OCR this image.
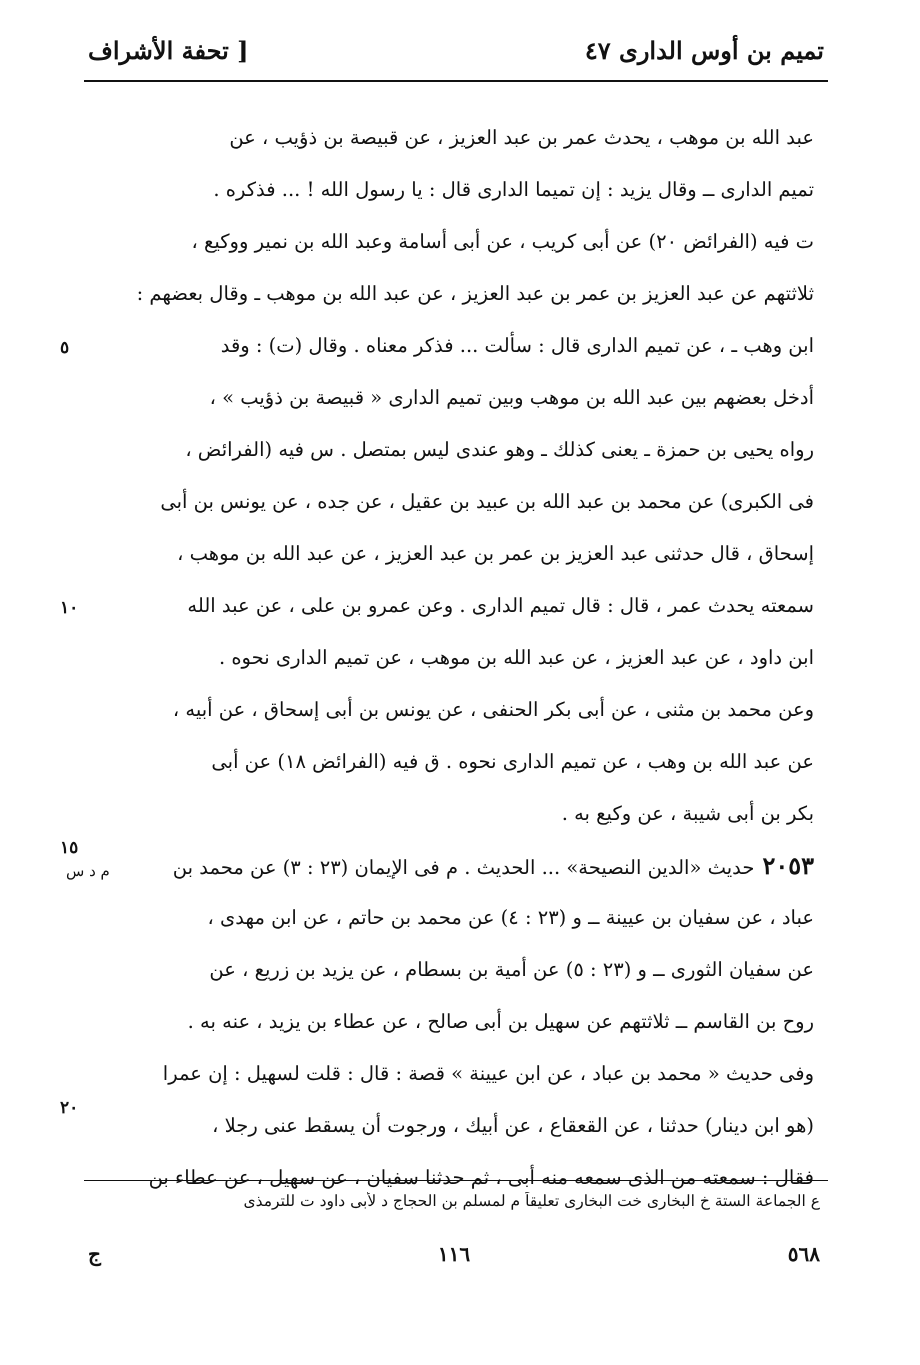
تميم بن أوس الدارى ٤٧
[ تحفة الأشراف
عبد الله بن موهب ، يحدث عمر بن عبد العزيز ، عن قبيصة بن ذؤيب ، عن
تميم الدارى ــ وقال يزيد : إن تميما الدارى قال : يا رسول الله ! ... فذكره .
ت فيه (الفرائض ٢٠) عن أبى كريب ، عن أبى أسامة وعبد الله بن نمير ووكيع ،
ثلاثتهم عن عبد العزيز بن عمر بن عبد العزيز ، عن عبد الله بن موهب ـ وقال بعضهم :
ابن وهب ـ ، عن تميم الدارى قال : سألت ... فذكر معناه . وقال (ت) : وقد
أدخل بعضهم بين عبد الله بن موهب وبين تميم الدارى « قبيصة بن ذؤيب » ،
رواه يحيى بن حمزة ـ يعنى كذلك ـ وهو عندى ليس بمتصل . س فيه (الفرائض ،
فى الكبرى) عن محمد بن عبد الله بن عبيد بن عقيل ، عن جده ، عن يونس بن أبى
إسحاق ، قال حدثنى عبد العزيز بن عمر بن عبد العزيز ، عن عبد الله بن موهب ،
سمعته يحدث عمر ، قال : قال تميم الدارى . وعن عمرو بن على ، عن عبد الله
ابن داود ، عن عبد العزيز ، عن عبد الله بن موهب ، عن تميم الدارى نحوه .
وعن محمد بن مثنى ، عن أبى بكر الحنفى ، عن يونس بن أبى إسحاق ، عن أبيه ،
عن عبد الله بن وهب ، عن تميم الدارى نحوه . ق فيه (الفرائض ١٨) عن أبى
بكر بن أبى شيبة ، عن وكيع به .
٢٠٥٣حديث «الدين النصيحة» ... الحديث . م فى الإيمان (٢٣ : ٣) عن محمد بن
عباد ، عن سفيان بن عيينة ــ و (٢٣ : ٤) عن محمد بن حاتم ، عن ابن مهدى ،
عن سفيان الثورى ــ و (٢٣ : ٥) عن أمية بن بسطام ، عن يزيد بن زريع ، عن
روح بن القاسم ــ ثلاثتهم عن سهيل بن أبى صالح ، عن عطاء بن يزيد ، عنه به .
وفى حديث « محمد بن عباد ، عن ابن عيينة » قصة : قال : قلت لسهيل : إن عمرا
(هو ابن دينار) حدثنا ، عن القعقاع ، عن أبيك ، ورجوت أن يسقط عنى رجلا ،
فقال : سمعته من الذى سمعه منه أبى ، ثم حدثنا سفيان ، عن سهيل ، عن عطاء بن
٥
١٠
١٥
٢٠
م د س
ع الجماعة الستة خ البخارى خت البخارى تعليقاً م لمسلم بن الحجاج د لأبى داود ت للترمذى
٥٦٨
١١٦
ج
